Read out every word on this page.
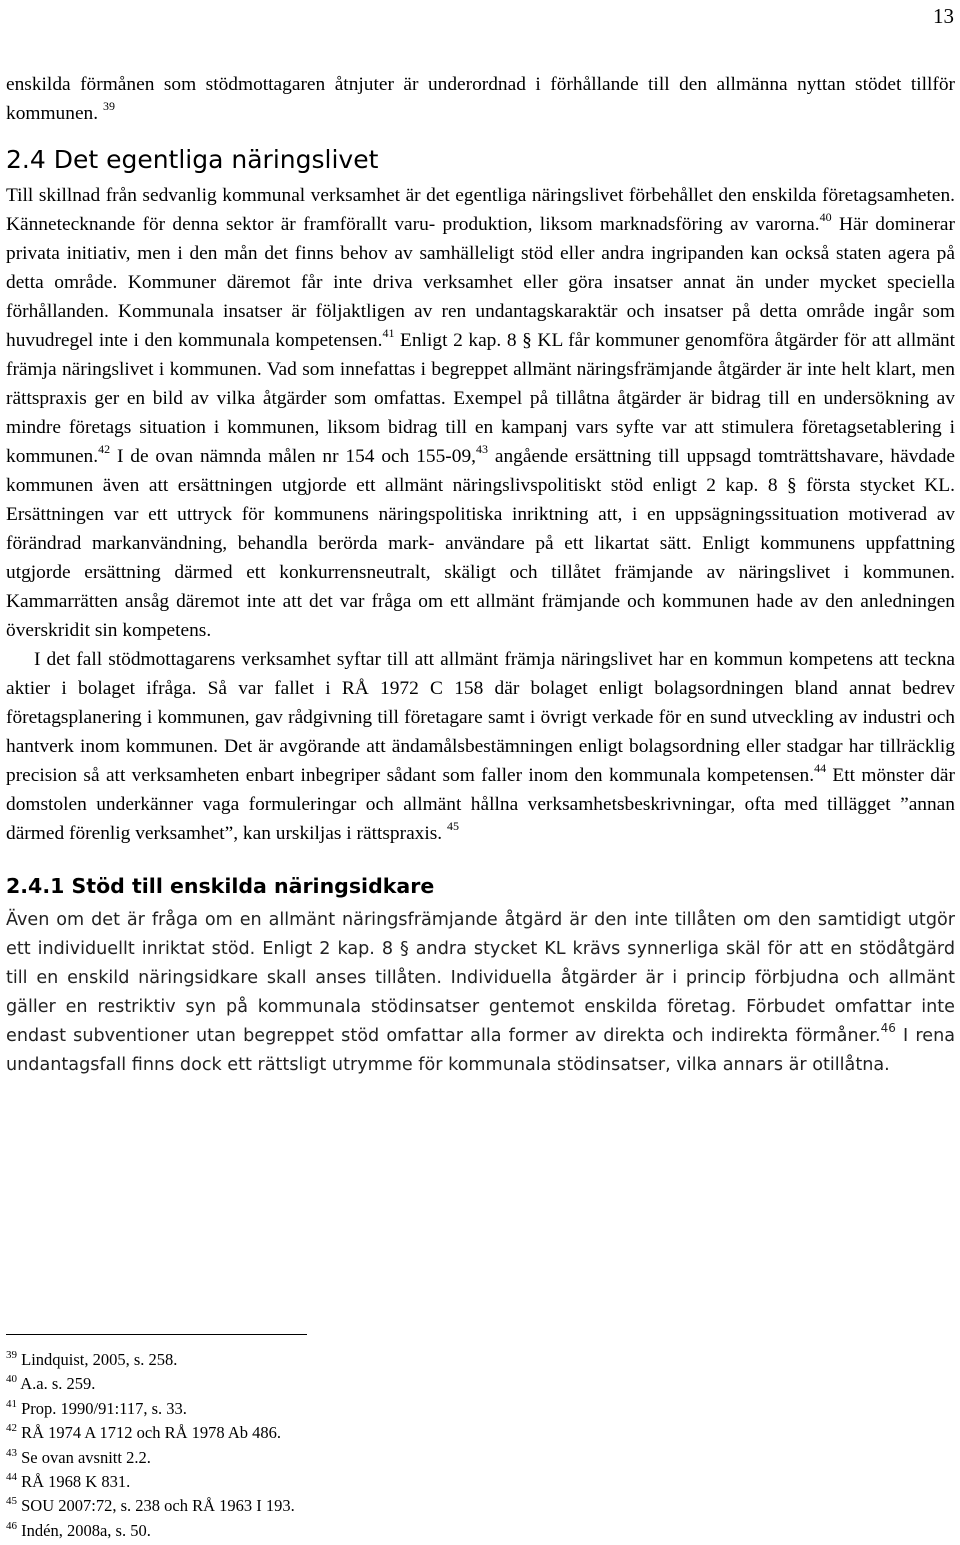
13

enskilda förmånen som stödmottagaren åtnjuter är underordnad i förhållande till den allmänna nyttan stödet tillför kommunen. $^{39}$

2.4 Det egentliga näringslivet

Till skillnad från sedvanlig kommunal verksamhet är det egentliga näringslivet förbehållet den enskilda företagsamheten. Kännetecknande för denna sektor är framförallt varu- produktion, liksom marknadsföring av varorna.$^{40}$ Här dominerar privata initiativ, men i den mån det finns behov av samhälleligt stöd eller andra ingripanden kan också staten agera på detta område. Kommuner däremot får inte driva verksamhet eller göra insatser annat än under mycket speciella förhållanden. Kommunala insatser är följaktligen av ren undantagskaraktär och insatser på detta område ingår som huvudregel inte i den kommunala kompetensen.$^{41}$ Enligt 2 kap. 8 § KL får kommuner genomföra åtgärder för att allmänt främja näringslivet i kommunen. Vad som innefattas i begreppet allmänt näringsfrämjande åtgärder är inte helt klart, men rättspraxis ger en bild av vilka åtgärder som omfattas. Exempel på tillåtna åtgärder är bidrag till en undersökning av mindre företags situation i kommunen, liksom bidrag till en kampanj vars syfte var att stimulera företagsetablering i kommunen.$^{42}$ I de ovan nämnda målen nr 154 och 155-09,43 angående ersättning till uppsagd tomträttshavare, hävdade kommunen även att ersättningen utgjorde ett allmänt näringslivspolitiskt stöd enligt 2 kap. 8 § första stycket KL. Ersättningen var ett uttryck för kommunens näringspolitiska inriktning att, i en uppsägningssituation motiverad av förändrad markanvändning, behandla berörda mark- användare på ett likartat sätt. Enligt kommunens uppfattning utgjorde ersättning därmed ett konkurrensneutralt, skäligt och tillåtet främjande av näringslivet i kommunen. Kammarrätten ansåg däremot inte att det var fråga om ett allmänt främjande och kommunen hade av den anledningen överskridit sin kompetens.

I det fall stödmottagarens verksamhet syftar till att allmänt främja näringslivet har en kommun kompetens att teckna aktier i bolaget ifråga. Så var fallet i RÅ 1972 C 158 där bolaget enligt bolagsordningen bland annat bedrev företagsplanering i kommunen, gav rådgivning till företagare samt i övrigt verkade för en sund utveckling av industri och hantverk inom kommunen. Det är avgörande att ändamålsbestämningen enligt bolagsordning eller stadgar har tillräcklig precision så att verksamheten enbart inbegriper sådant som faller inom den kommunala kompetensen.$^{44}$ Ett mönster där domstolen underkänner vaga formuleringar och allmänt hållna verksamhetsbeskrivningar, ofta med tillägget ”annan därmed förenlig verksamhet”, kan urskiljas i rättspraxis. $^{45}$

2.4.1 Stöd till enskilda näringsidkare

Även om det är fråga om en allmänt näringsfrämjande åtgärd är den inte tillåten om den samtidigt utgör ett individuellt inriktat stöd. Enligt 2 kap. 8 § andra stycket KL krävs synnerliga skäl för att en stödåtgärd till en enskild näringsidkare skall anses tillåten. Individuella åtgärder är i princip förbjudna och allmänt gäller en restriktiv syn på kommunala stödinsatser gentemot enskilda företag. Förbudet omfattar inte endast subventioner utan begreppet stöd omfattar alla former av direkta och indirekta förmåner.$^{46}$ I rena undantagsfall finns dock ett rättsligt utrymme för kommunala stödinsatser, vilka annars är otillåtna.

$^{39}$ Lindquist, 2005, s. 258.
$^{40}$ A.a. s. 259.
$^{41}$ Prop. 1990/91:117, s. 33.
$^{42}$ RÅ 1974 A 1712 och RÅ 1978 Ab 486.
$^{43}$ Se ovan avsnitt 2.2.
$^{44}$ RÅ 1968 K 831.
$^{45}$ SOU 2007:72, s. 238 och RÅ 1963 I 193.
$^{46}$ Indén, 2008a, s. 50.
